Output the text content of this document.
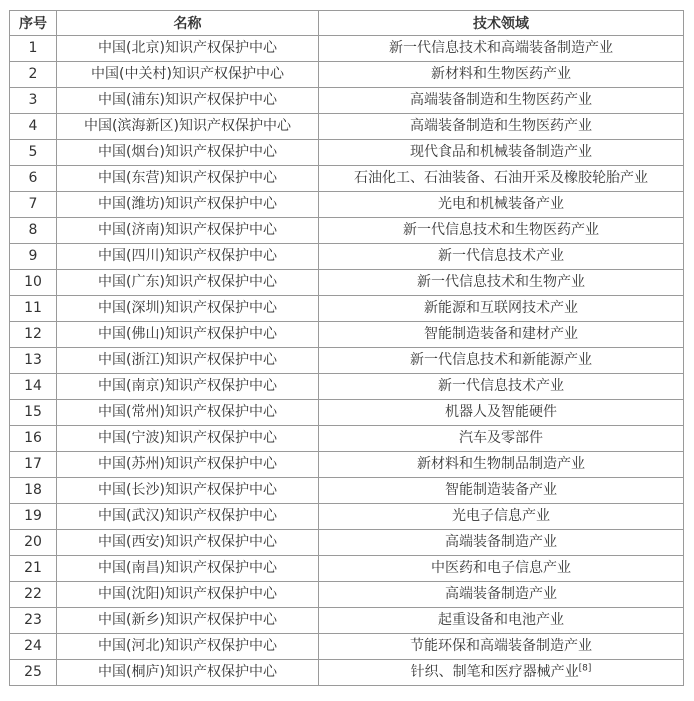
序号	名称	技术领域
1	中国(北京)知识产权保护中心	新一代信息技术和高端装备制造产业
2	中国(中关村)知识产权保护中心	新材料和生物医药产业
3	中国(浦东)知识产权保护中心	高端装备制造和生物医药产业
4	中国(滨海新区)知识产权保护中心	高端装备制造和生物医药产业
5	中国(烟台)知识产权保护中心	现代食品和机械装备制造产业
6	中国(东营)知识产权保护中心	石油化工、石油装备、石油开采及橡胶轮胎产业
7	中国(潍坊)知识产权保护中心	光电和机械装备产业
8	中国(济南)知识产权保护中心	新一代信息技术和生物医药产业
9	中国(四川)知识产权保护中心	新一代信息技术产业
10	中国(广东)知识产权保护中心	新一代信息技术和生物产业
11	中国(深圳)知识产权保护中心	新能源和互联网技术产业
12	中国(佛山)知识产权保护中心	智能制造装备和建材产业
13	中国(浙江)知识产权保护中心	新一代信息技术和新能源产业
14	中国(南京)知识产权保护中心	新一代信息技术产业
15	中国(常州)知识产权保护中心	机器人及智能硬件
16	中国(宁波)知识产权保护中心	汽车及零部件
17	中国(苏州)知识产权保护中心	新材料和生物制品制造产业
18	中国(长沙)知识产权保护中心	智能制造装备产业
19	中国(武汉)知识产权保护中心	光电子信息产业
20	中国(西安)知识产权保护中心	高端装备制造产业
21	中国(南昌)知识产权保护中心	中医药和电子信息产业
22	中国(沈阳)知识产权保护中心	高端装备制造产业
23	中国(新乡)知识产权保护中心	起重设备和电池产业
24	中国(河北)知识产权保护中心	节能环保和高端装备制造产业
25	中国(桐庐)知识产权保护中心	针织、制笔和医疗器械产业[8]
